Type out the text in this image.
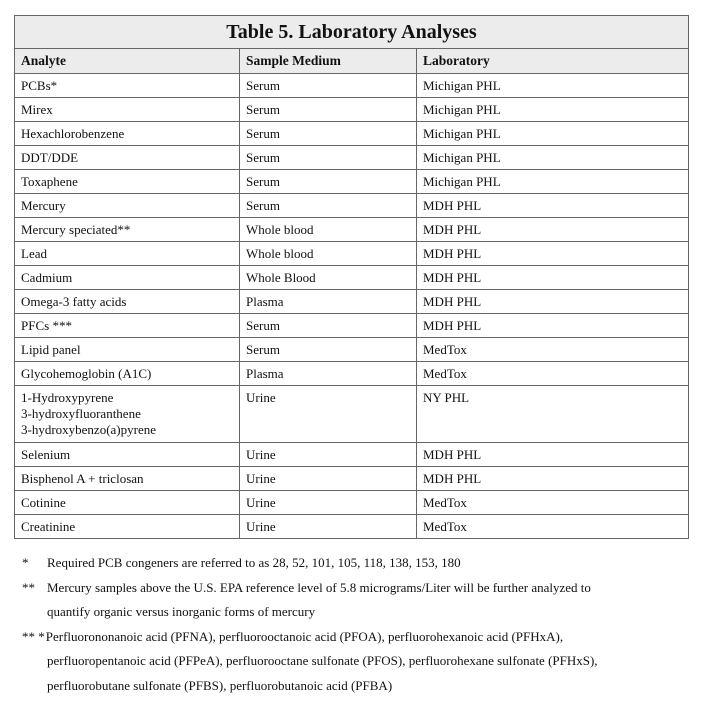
Table 5. Laboratory Analyses		
Analyte	Sample Medium	Laboratory
PCBs*	Serum	Michigan PHL
Mirex	Serum	Michigan PHL
Hexachlorobenzene	Serum	Michigan PHL
DDT/DDE	Serum	Michigan PHL
Toxaphene	Serum	Michigan PHL
Mercury	Serum	MDH PHL
Mercury speciated**	Whole blood	MDH PHL
Lead	Whole blood	MDH PHL
Cadmium	Whole Blood	MDH PHL
Omega-3 fatty acids	Plasma	MDH PHL
PFCs ***	Serum	MDH PHL
Lipid panel	Serum	MedTox
Glycohemoglobin (A1C)	Plasma	MedTox

1-Hydroxypyrene
3-hydroxyfluoranthene
3-hydroxybenzo(a)pyrene	Urine	NY PHL
Selenium	Urine	MDH PHL
Bisphenol A + triclosan	Urine	MDH PHL
Cotinine	Urine	MedTox
Creatinine	Urine	MedTox
*	Required PCB congeners are referred to as 28, 52, 101, 105, 118, 138, 153, 180
** Mercury samples above the U.S. EPA reference level of 5.8 micrograms/Liter will be further analyzed to
quantify organic versus inorganic forms of mercury
** * Perfluorononanoic acid (PFNA), perfluorooctanoic acid (PFOA), perfluorohexanoic acid (PFHxA),
perfluoropentanoic acid (PFPeA), perfluorooctane sulfonate (PFOS), perfluorohexane sulfonate (PFHxS),
perfluorobutane sulfonate (PFBS), perfluorobutanoic acid (PFBA)
